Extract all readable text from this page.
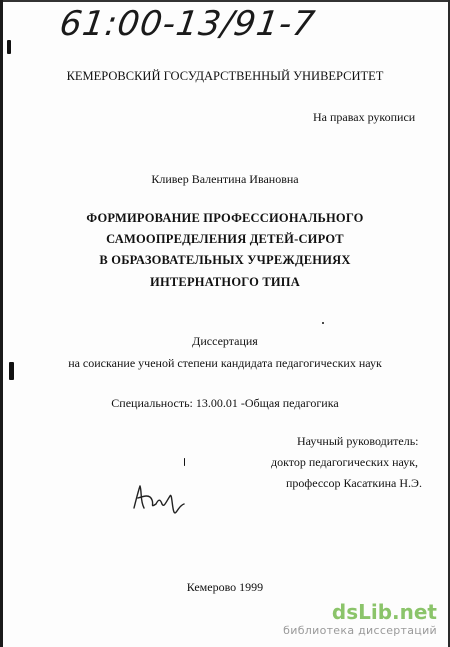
61:00-13/91-7
КЕМЕРОВСКИЙ ГОСУДАРСТВЕННЫЙ УНИВЕРСИТЕТ
На правах рукописи
Кливер Валентина Ивановна
ФОРМИРОВАНИЕ ПРОФЕССИОНАЛЬНОГО
САМООПРЕДЕЛЕНИЯ ДЕТЕЙ-СИРОТ
В ОБРАЗОВАТЕЛЬНЫХ УЧРЕЖДЕНИЯХ
ИНТЕРНАТНОГО ТИПА
Диссертация
на соискание ученой степени кандидата педагогических наук
Специальность: 13.00.01 -Общая педагогика
Научный руководитель:
доктор педагогических наук,
профессор Касаткина Н.Э.
Кемерово 1999
dsLib.net
библиотека диссертаций
